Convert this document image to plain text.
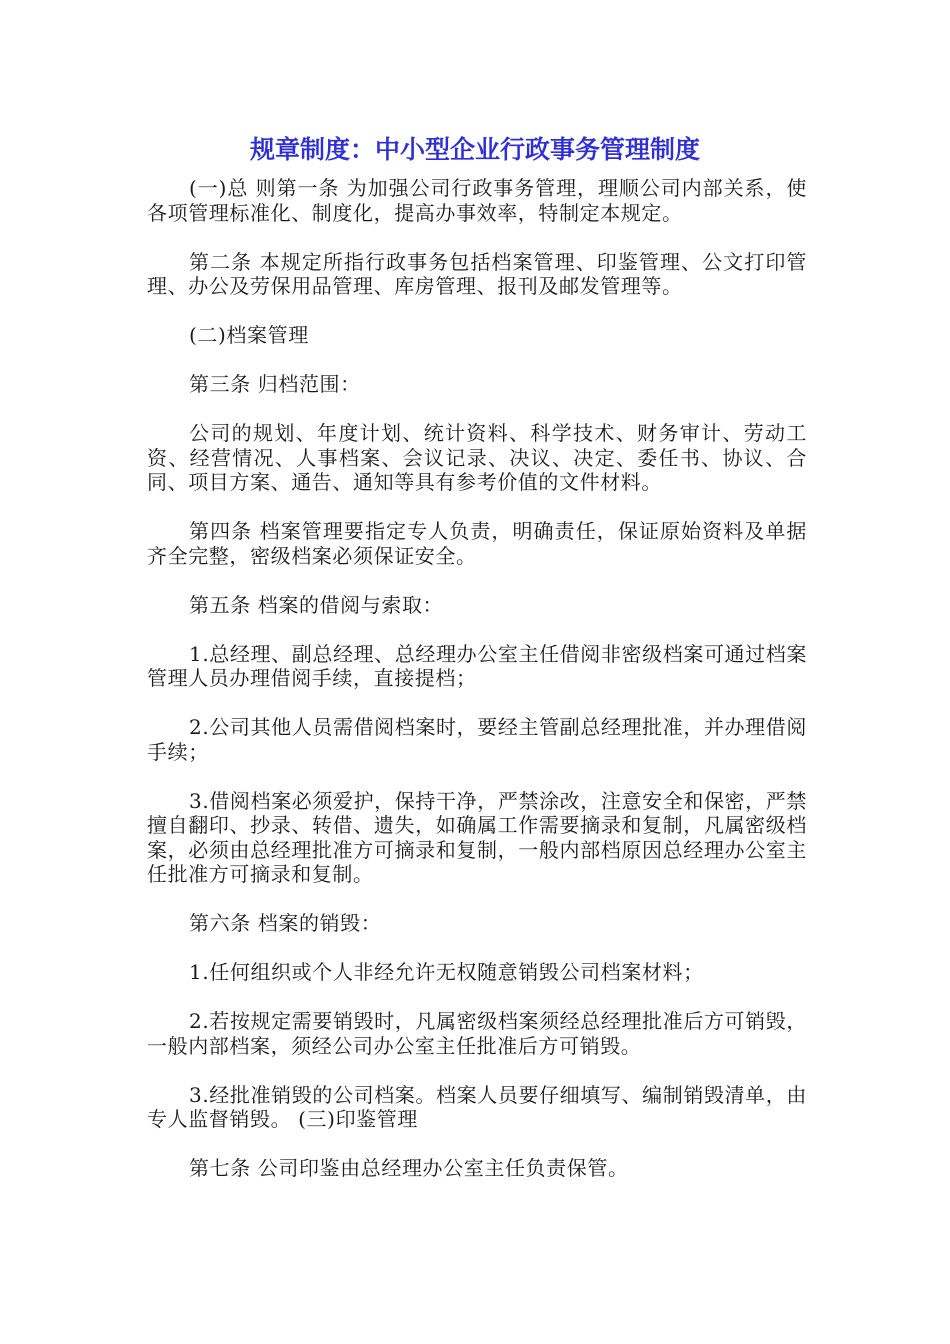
规章制度：中小型企业行政事务管理制度

(一)总 则第一条 为加强公司行政事务管理，理顺公司内部关系，使各项管理标准化、制度化，提高办事效率，特制定本规定。

第二条 本规定所指行政事务包括档案管理、印鉴管理、公文打印管理、办公及劳保用品管理、库房管理、报刊及邮发管理等。

(二)档案管理

第三条 归档范围：

公司的规划、年度计划、统计资料、科学技术、财务审计、劳动工资、经营情况、人事档案、会议记录、决议、决定、委任书、协议、合同、项目方案、通告、通知等具有参考价值的文件材料。

第四条 档案管理要指定专人负责，明确责任，保证原始资料及单据齐全完整，密级档案必须保证安全。

第五条 档案的借阅与索取：

1.总经理、副总经理、总经理办公室主任借阅非密级档案可通过档案管理人员办理借阅手续，直接提档；

2.公司其他人员需借阅档案时，要经主管副总经理批准，并办理借阅手续；

3.借阅档案必须爱护，保持干净，严禁涂改，注意安全和保密，严禁擅自翻印、抄录、转借、遗失，如确属工作需要摘录和复制，凡属密级档案，必须由总经理批准方可摘录和复制，一般内部档原因总经理办公室主任批准方可摘录和复制。

第六条 档案的销毁：

1.任何组织或个人非经允许无权随意销毁公司档案材料；

2.若按规定需要销毁时，凡属密级档案须经总经理批准后方可销毁，一般内部档案，须经公司办公室主任批准后方可销毁。

3.经批准销毁的公司档案。档案人员要仔细填写、编制销毁清单，由专人监督销毁。 (三)印鉴管理

第七条 公司印鉴由总经理办公室主任负责保管。
